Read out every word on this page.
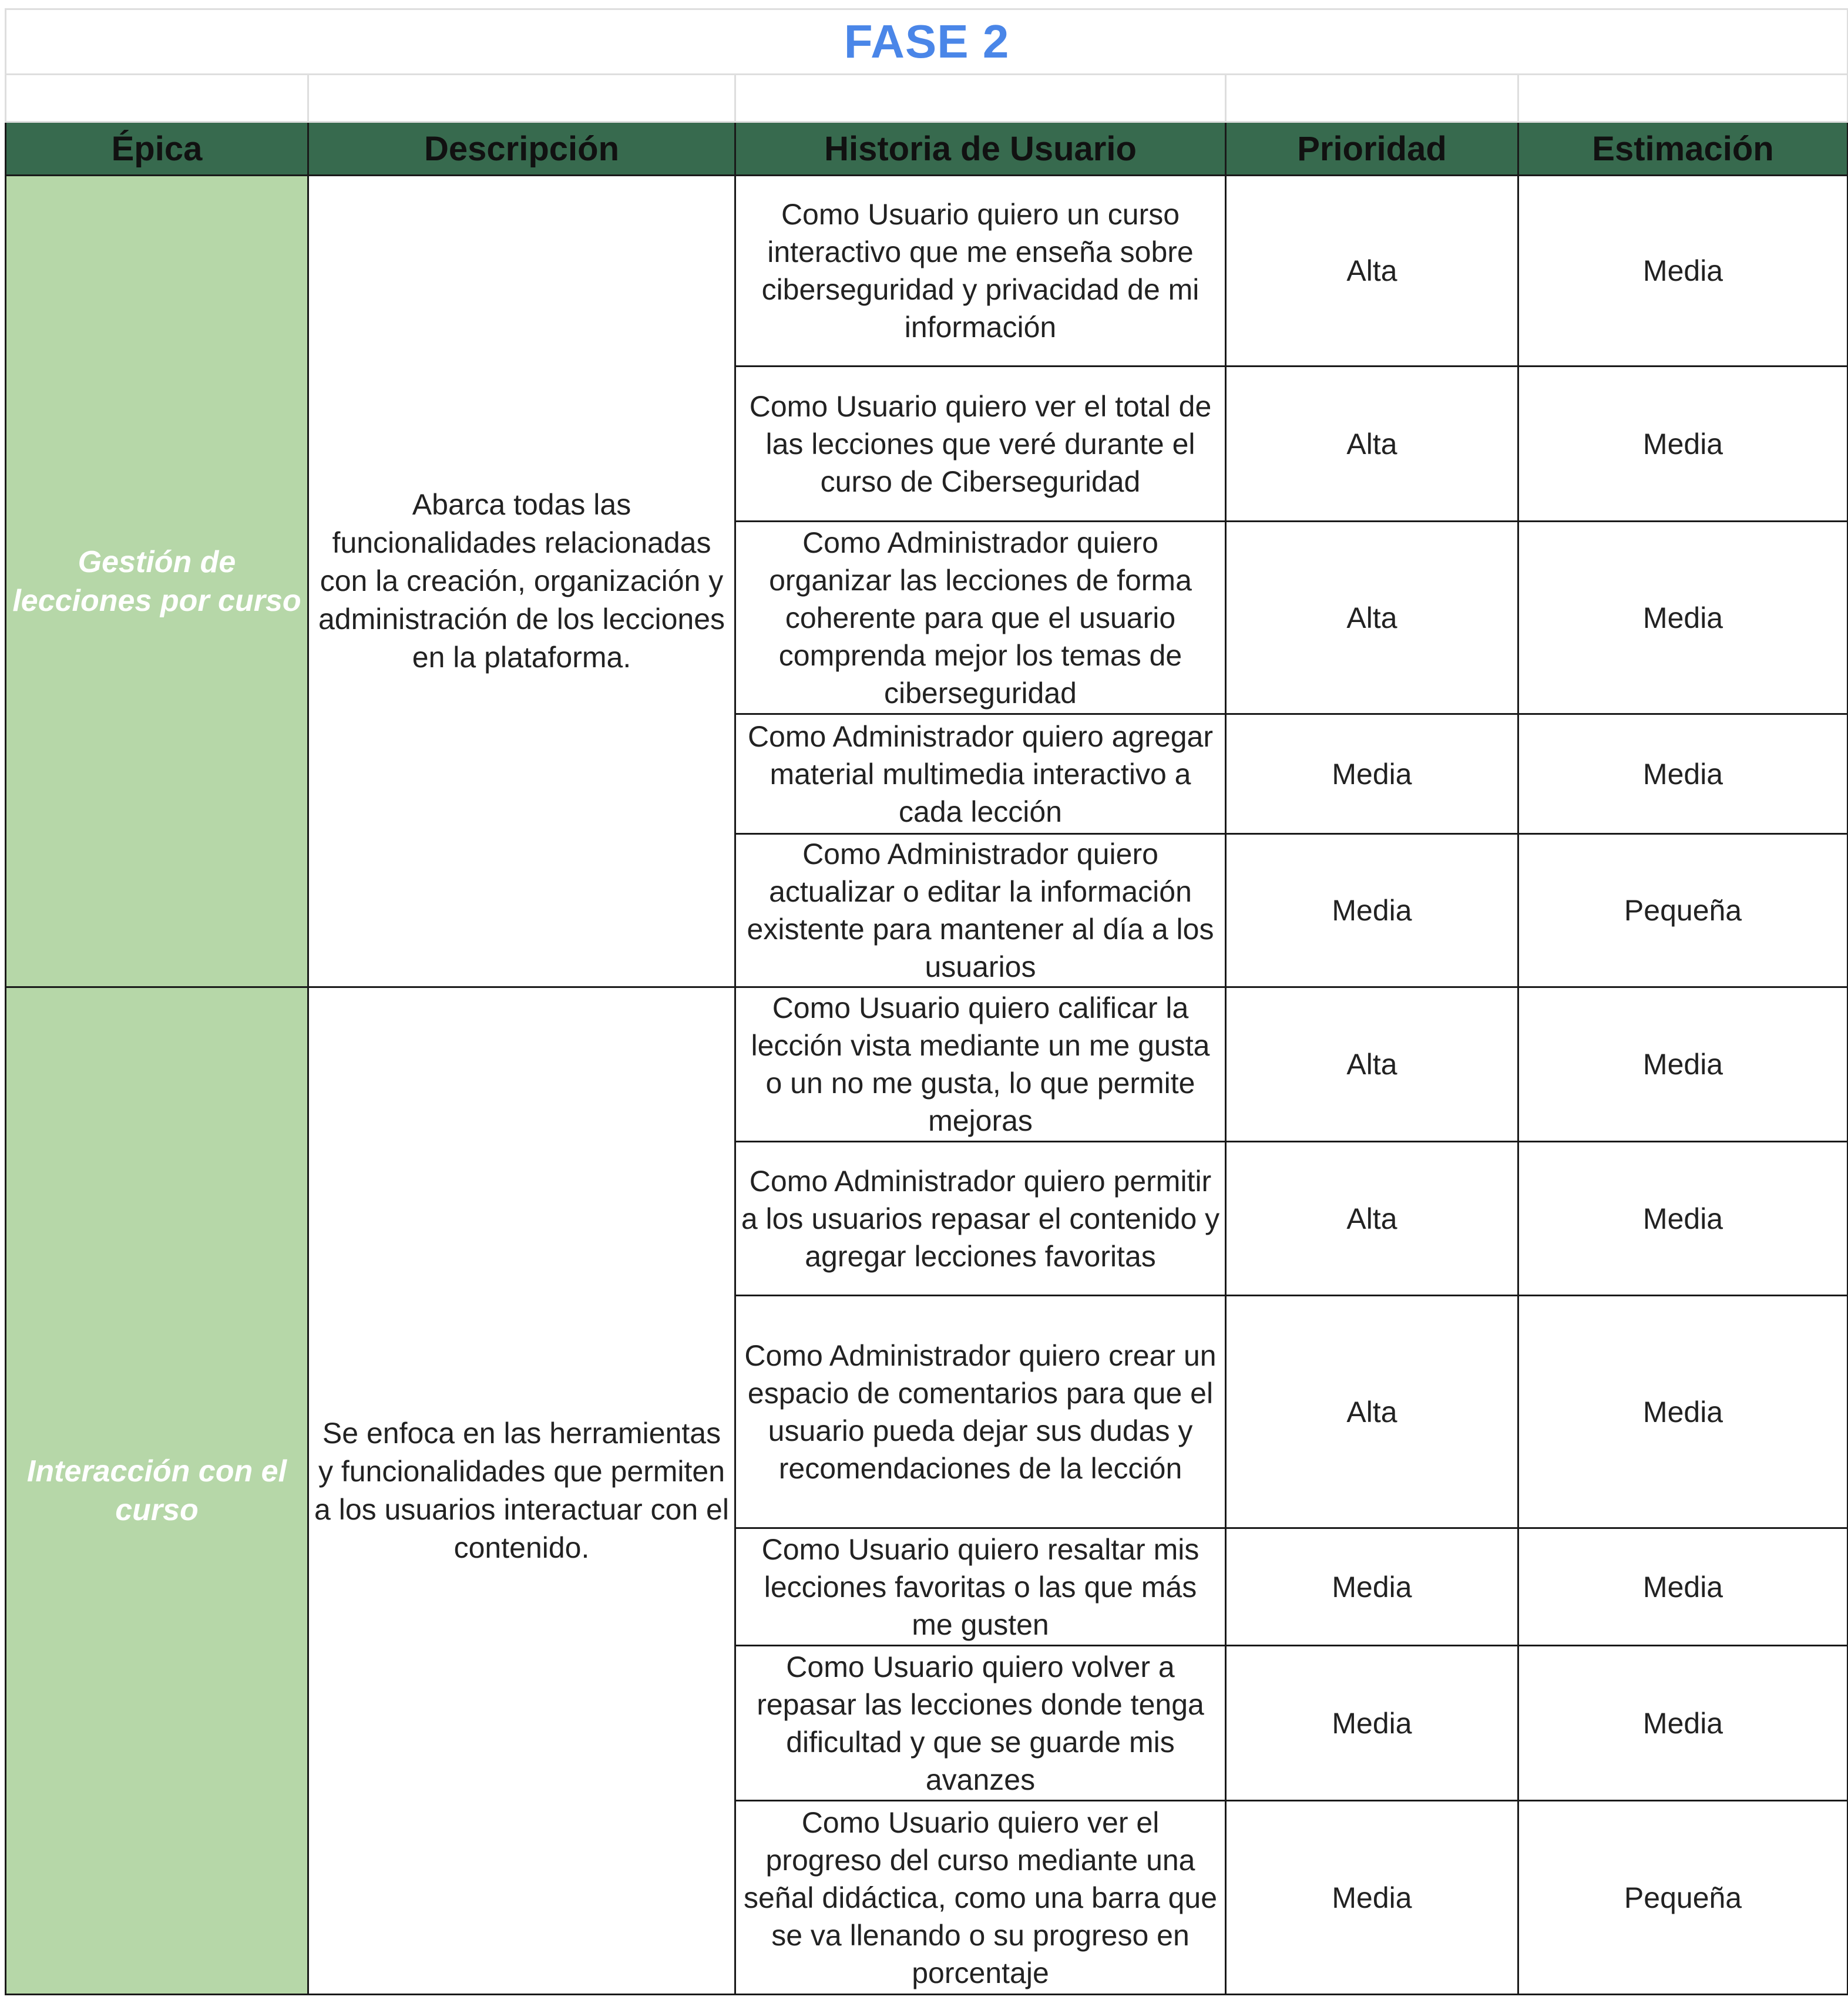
FASE 2				

Épica	Descripción	Historia de Usuario	Prioridad	Estimación
Gestión de lecciones por curso	Abarca todas las funcionalidades relacionadas con la creación, organización y administración de los lecciones en la plataforma.	Como Usuario quiero un curso interactivo que me enseña sobre ciberseguridad y privacidad de mi información	Alta	Media
		Como Usuario quiero ver el total de las lecciones que veré durante el curso de Ciberseguridad	Alta	Media
		Como Administrador quiero organizar las lecciones de forma coherente para que el usuario comprenda mejor los temas de ciberseguridad	Alta	Media
		Como Administrador quiero agregar material multimedia interactivo a cada lección	Media	Media
		Como Administrador quiero actualizar o editar la información existente para mantener al día a los usuarios	Media	Pequeña
Interacción con el curso	Se enfoca en las herramientas y funcionalidades que permiten a los usuarios interactuar con el contenido.	Como Usuario quiero calificar la lección vista mediante un me gusta o un no me gusta, lo que permite mejoras	Alta	Media
		Como Administrador quiero permitir a los usuarios repasar el contenido y agregar lecciones favoritas	Alta	Media
		Como Administrador quiero crear un espacio de comentarios para que el usuario pueda dejar sus dudas y recomendaciones de la lección	Alta	Media
		Como Usuario quiero resaltar mis lecciones favoritas o las que más me gusten	Media	Media
		Como Usuario quiero volver a repasar las lecciones donde tenga dificultad y que se guarde mis avanzes	Media	Media
		Como Usuario quiero ver el progreso del curso mediante una señal didáctica, como una barra que se va llenando o su progreso en porcentaje	Media	Pequeña
